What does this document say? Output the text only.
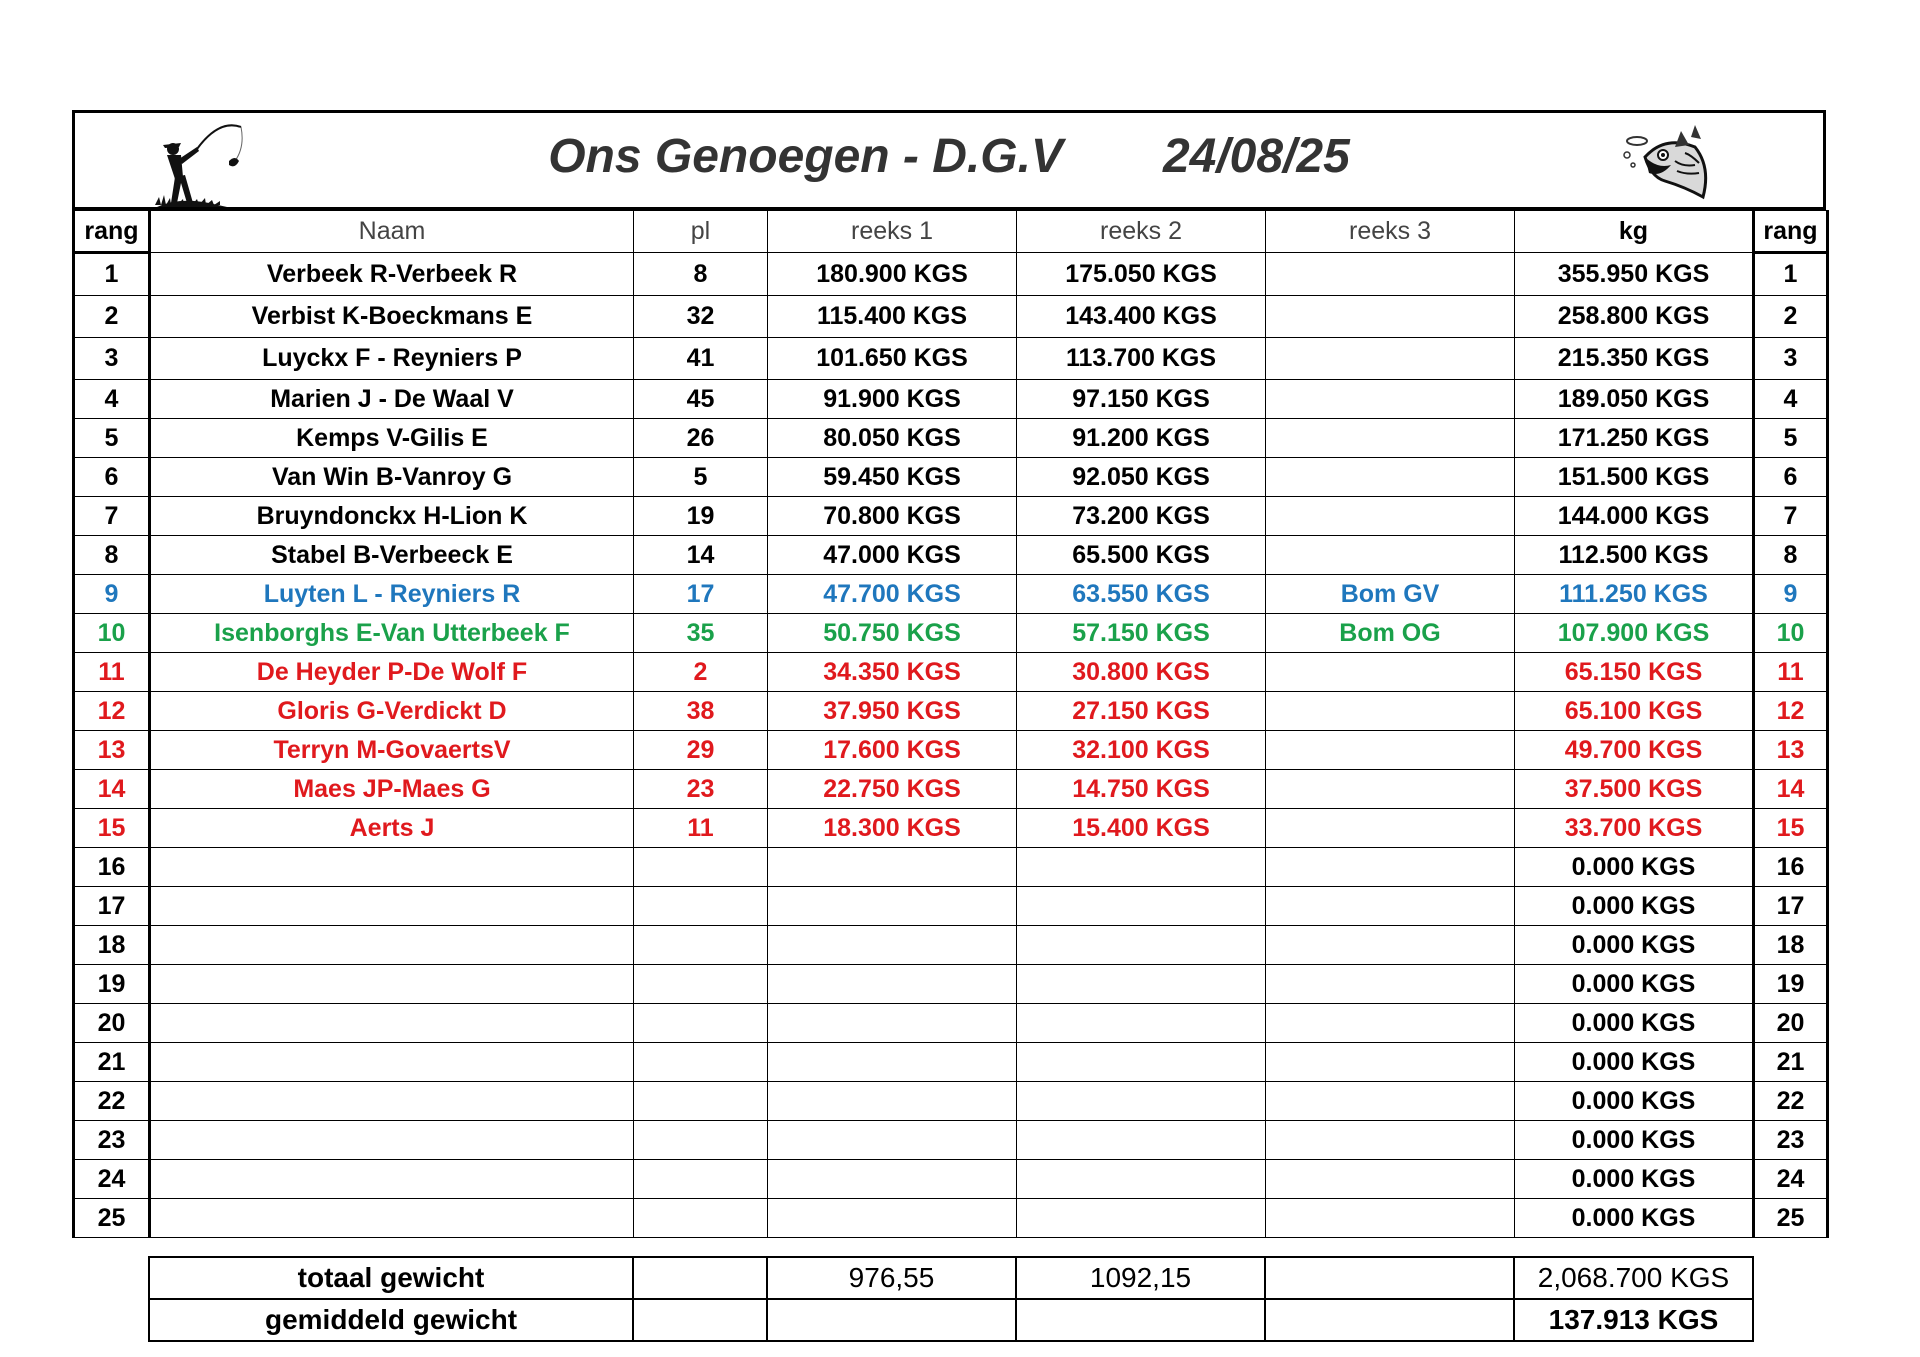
Ons Genoegen - D.G.V 24/08/25
rang	Naam	pl	reeks 1	reeks 2	reeks 3	kg	rang
1	Verbeek R-Verbeek R	8	180.900 KGS	175.050 KGS		355.950 KGS	1
2	Verbist K-Boeckmans E	32	115.400 KGS	143.400 KGS		258.800 KGS	2
3	Luyckx F - Reyniers P	41	101.650 KGS	113.700 KGS		215.350 KGS	3
4	Marien J - De Waal V	45	91.900 KGS	97.150 KGS		189.050 KGS	4
5	Kemps V-Gilis E	26	80.050 KGS	91.200 KGS		171.250 KGS	5
6	Van Win B-Vanroy G	5	59.450 KGS	92.050 KGS		151.500 KGS	6
7	Bruyndonckx H-Lion K	19	70.800 KGS	73.200 KGS		144.000 KGS	7
8	Stabel B-Verbeeck E	14	47.000 KGS	65.500 KGS		112.500 KGS	8
9	Luyten L - Reyniers R	17	47.700 KGS	63.550 KGS	Bom GV	111.250 KGS	9
10	Isenborghs E-Van Utterbeek F	35	50.750 KGS	57.150 KGS	Bom OG	107.900 KGS	10
11	De Heyder P-De Wolf F	2	34.350 KGS	30.800 KGS		65.150 KGS	11
12	Gloris G-Verdickt D	38	37.950 KGS	27.150 KGS		65.100 KGS	12
13	Terryn M-GovaertsV	29	17.600 KGS	32.100 KGS		49.700 KGS	13
14	Maes JP-Maes G	23	22.750 KGS	14.750 KGS		37.500 KGS	14
15	Aerts J	11	18.300 KGS	15.400 KGS		33.700 KGS	15
16						0.000 KGS	16
17						0.000 KGS	17
18						0.000 KGS	18
19						0.000 KGS	19
20						0.000 KGS	20
21						0.000 KGS	21
22						0.000 KGS	22
23						0.000 KGS	23
24						0.000 KGS	24
25						0.000 KGS	25
totaal gewicht		976,55	1092,15		2,068.700 KGS
gemiddeld gewicht					137.913 KGS
